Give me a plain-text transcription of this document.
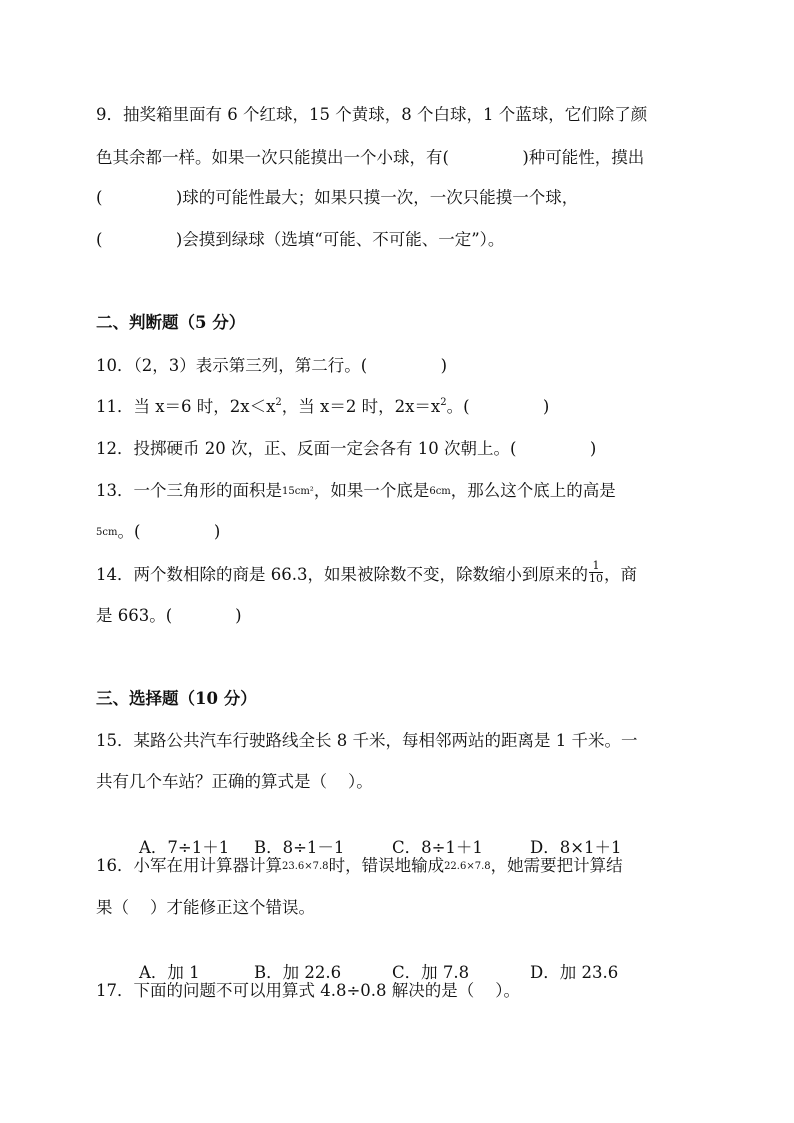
9．抽奖箱里面有 6 个红球，15 个黄球，8 个白球，1 个蓝球，它们除了颜
色其余都一样。如果一次只能摸出一个小球，有(              )种可能性，摸出
(              )球的可能性最大；如果只摸一次，一次只能摸一个球，
(              )会摸到绿球（选填“可能、不可能、一定”）。
二、判断题（5 分）
10．（2，3）表示第三列，第二行。(              )
11．当 x＝6 时，$2x<x^2$，当 x＝2 时，$2x=x^2$。(              )
12．投掷硬币 20 次，正、反面一定会各有 10 次朝上。(              )
13．一个三角形的面积是15cm²，如果一个底是6cm，那么这个底上的高是
5cm。(              )
14．两个数相除的商是 66.3，如果被除数不变，除数缩小到原来的 $\frac{1}{10}$ ，商
是 663。(            )
三、选择题（10 分）
15．某路公共汽车行驶路线全长 8 千米，每相邻两站的距离是 1 千米。一
共有几个车站？正确的算式是（    ）。

A．7÷1＋1 B．8÷1－1	C．8÷1＋1	D．8×1＋1

16．小军在用计算器计算23.6×7.8时，错误地输成22.6×7.8，她需要把计算结
果（    ）才能修正这个错误。

A．加 1	B．加 22.6	C．加 7.8	D．加 23.6

17．下面的问题不可以用算式 4.8÷0.8 解决的是（    ）。
